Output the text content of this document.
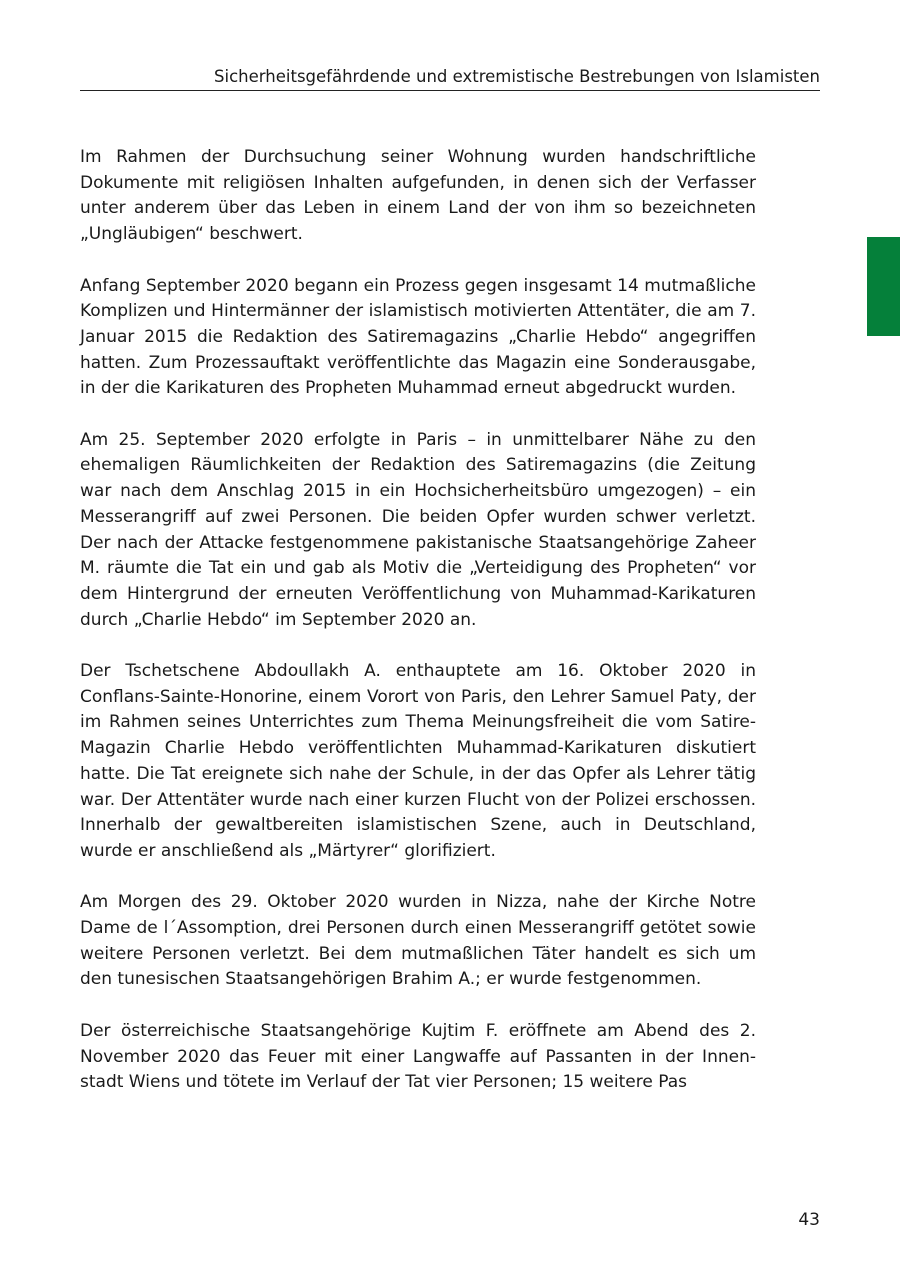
Sicherheitsgefährdende und extremistische Bestrebungen von Islamisten

Im Rahmen der Durchsuchung seiner Wohnung wurden handschriftliche Dokumente mit religiösen Inhalten aufgefunden, in denen sich der Verfasser unter anderem über das Leben in einem Land der von ihm so bezeichneten „Ungläubigen“ beschwert.

Anfang September 2020 begann ein Prozess gegen insgesamt 14 mutmaßliche Komplizen und Hintermänner der islamistisch motivierten Attentäter, die am 7. Januar 2015 die Redaktion des Satiremagazins „Charlie Hebdo“ angegriffen hatten. Zum Prozessauftakt veröffentlichte das Magazin eine Sonderausgabe, in der die Karikaturen des Propheten Muhammad erneut abgedruckt wurden.

Am 25. September 2020 erfolgte in Paris – in unmittelbarer Nähe zu den ehemaligen Räumlichkeiten der Redaktion des Satiremagazins (die Zeitung war nach dem Anschlag 2015 in ein Hochsicherheitsbüro umgezogen) – ein Messerangriff auf zwei Personen. Die beiden Opfer wurden schwer verletzt. Der nach der Attacke festgenommene pakistanische Staatsangehörige Zaheer M. räumte die Tat ein und gab als Motiv die „Verteidigung des Propheten“ vor dem Hintergrund der erneuten Veröffentlichung von Muhammad-Karikaturen durch „Charlie Hebdo“ im September 2020 an.

Der Tschetschene Abdoullakh A. enthauptete am 16. Oktober 2020 in Conflans-Sainte-Honorine, einem Vorort von Paris, den Lehrer Samuel Paty, der im Rahmen seines Unterrichtes zum Thema Meinungsfreiheit die vom Satire-Magazin Charlie Hebdo veröffentlichten Muhammad-Karikaturen diskutiert hatte. Die Tat ereignete sich nahe der Schule, in der das Opfer als Lehrer tätig war. Der Attentäter wurde nach einer kurzen Flucht von der Polizei erschossen. Innerhalb der gewaltbereiten islamistischen Szene, auch in Deutschland, wurde er anschließend als „Märtyrer“ glorifiziert.

Am Morgen des 29. Oktober 2020 wurden in Nizza, nahe der Kirche Notre Dame de l´Assomption, drei Personen durch einen Messerangriff getötet sowie weitere Personen verletzt. Bei dem mutmaßlichen Täter handelt es sich um den tunesischen Staatsangehörigen Brahim A.; er wurde festgenommen.

Der österreichische Staatsangehörige Kujtim F. eröffnete am Abend des 2. November 2020 das Feuer mit einer Langwaffe auf Passanten in der Innenstadt Wiens und tötete im Verlauf der Tat vier Personen; 15 weitere Pas

43
